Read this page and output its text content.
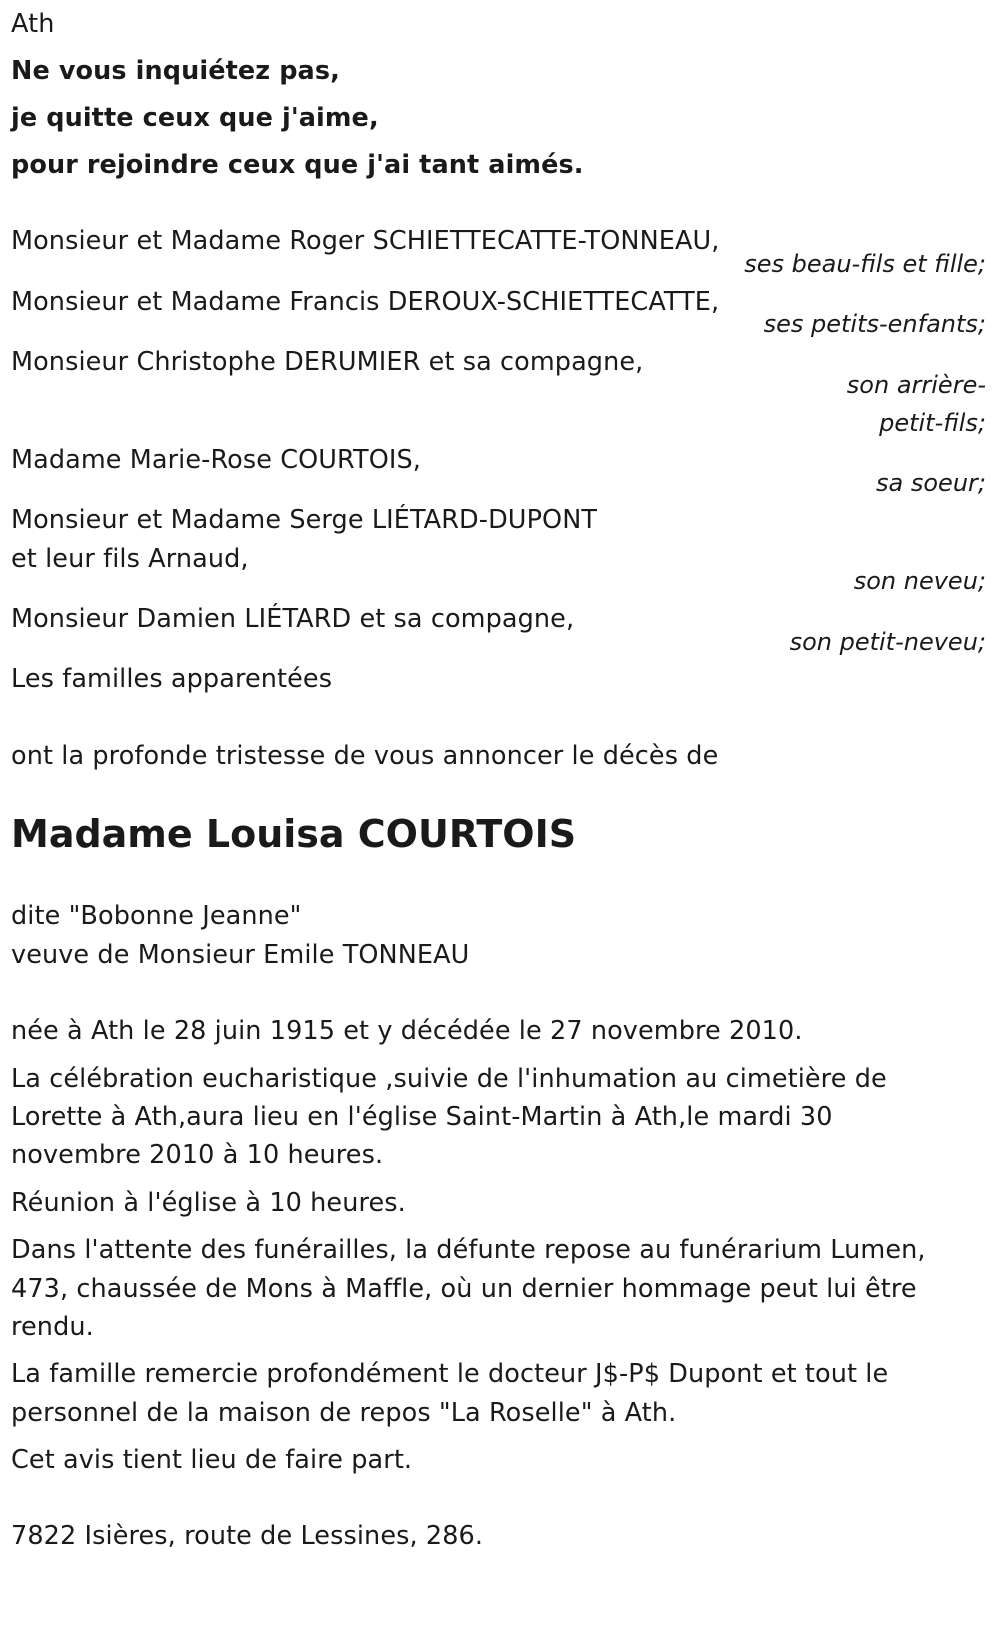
Ath
Ne vous inquiétez pas,
je quitte ceux que j'aime,
pour rejoindre ceux que j'ai tant aimés.
Monsieur et Madame Roger SCHIETTECATTE-TONNEAU,
ses beau-fils et fille;
Monsieur et Madame Francis DEROUX-SCHIETTECATTE,
ses petits-enfants;
Monsieur Christophe DERUMIER et sa compagne,
son arrière-
petit-fils;
Madame Marie-Rose COURTOIS,
sa soeur;
Monsieur et Madame Serge LIÉTARD-DUPONT
et leur fils Arnaud,
son neveu;
Monsieur Damien LIÉTARD et sa compagne,
son petit-neveu;
Les familles apparentées
ont la profonde tristesse de vous annoncer le décès de
Madame Louisa COURTOIS
dite "Bobonne Jeanne"
veuve de Monsieur Emile TONNEAU
née à Ath le 28 juin 1915 et y décédée le 27 novembre 2010.
La célébration eucharistique ,suivie de l'inhumation au cimetière de
Lorette à Ath,aura lieu en l'église Saint-Martin à Ath,le mardi 30
novembre 2010 à 10 heures.
Réunion à l'église à 10 heures.
Dans l'attente des funérailles, la défunte repose au funérarium Lumen,
473, chaussée de Mons à Maffle, où un dernier hommage peut lui être
rendu.
La famille remercie profondément le docteur J$-P$ Dupont et tout le
personnel de la maison de repos "La Roselle" à Ath.
Cet avis tient lieu de faire part.
7822 Isières, route de Lessines, 286.
